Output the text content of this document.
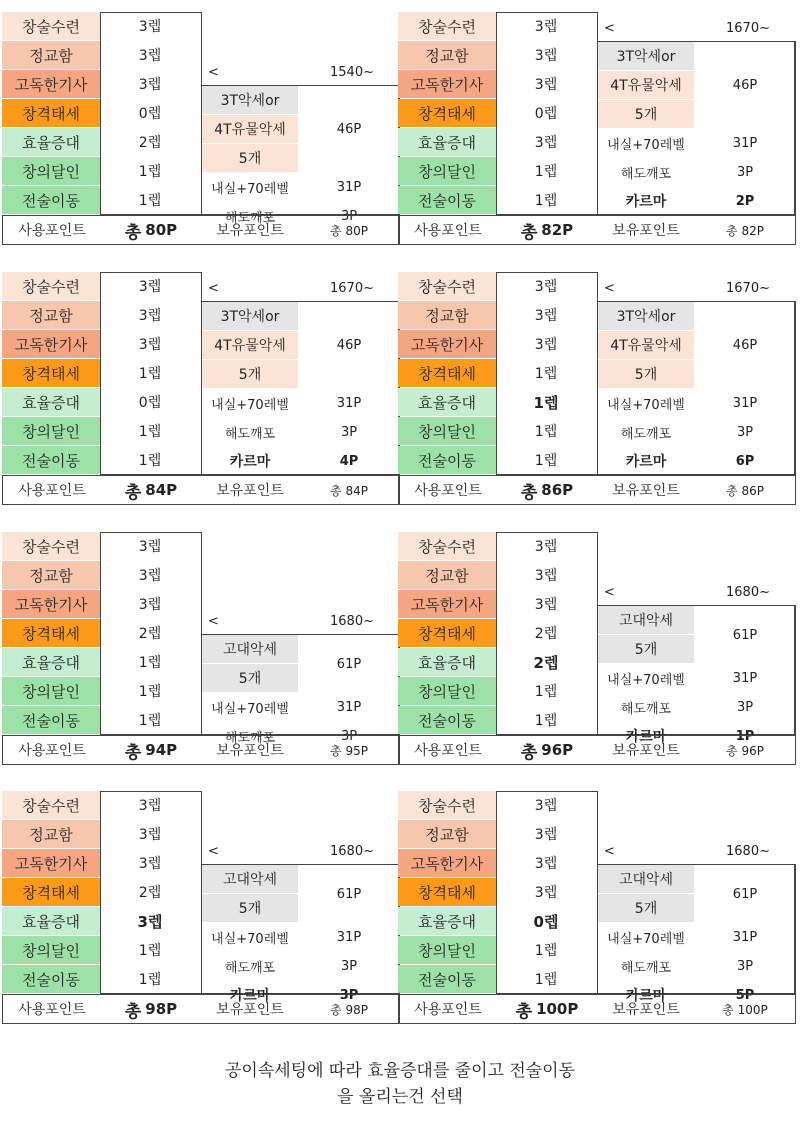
창술수련	3렙
정교함	3렙
고독한기사	3렙
창격태세	0렙
효율증대	2렙
창의달인	1렙
전술이동	1렙
<	1540~
3T악세or
4T유물악세
5개
46P
내실+70레벨	31P
해도깨포	3P
사용포인트	총 80P	보유포인트	총 80P
창술수련	3렙
정교함	3렙
고독한기사	3렙
창격태세	0렙
효율증대	3렙
창의달인	1렙
전술이동	1렙
<	1670~
3T악세or
4T유물악세
5개
46P
내실+70레벨	31P
해도깨포	3P
카르마	2P
사용포인트	총 82P	보유포인트	총 82P
창술수련	3렙
정교함	3렙
고독한기사	3렙
창격태세	1렙
효율증대	0렙
창의달인	1렙
전술이동	1렙
<	1670~
3T악세or
4T유물악세
5개
46P
내실+70레벨	31P
해도깨포	3P
카르마	4P
사용포인트	총 84P	보유포인트	총 84P
창술수련	3렙
정교함	3렙
고독한기사	3렙
창격태세	1렙
효율증대	1렙
창의달인	1렙
전술이동	1렙
<	1670~
3T악세or
4T유물악세
5개
46P
내실+70레벨	31P
해도깨포	3P
카르마	6P
사용포인트	총 86P	보유포인트	총 86P
창술수련	3렙
정교함	3렙
고독한기사	3렙
창격태세	2렙
효율증대	1렙
창의달인	1렙
전술이동	1렙
<	1680~
고대악세
5개
61P
내실+70레벨	31P
해도깨포	3P
사용포인트	총 94P	보유포인트	총 95P
창술수련	3렙
정교함	3렙
고독한기사	3렙
창격태세	2렙
효율증대	2렙
창의달인	1렙
전술이동	1렙
<	1680~
고대악세
5개
61P
내실+70레벨	31P
해도깨포	3P
카르마	1P
사용포인트	총 96P	보유포인트	총 96P
창술수련	3렙
정교함	3렙
고독한기사	3렙
창격태세	2렙
효율증대	3렙
창의달인	1렙
전술이동	1렙
<	1680~
고대악세
5개
61P
내실+70레벨	31P
해도깨포	3P
카르마	3P
사용포인트	총 98P	보유포인트	총 98P
창술수련	3렙
정교함	3렙
고독한기사	3렙
창격태세	3렙
효율증대	0렙
창의달인	1렙
전술이동	1렙
<	1680~
고대악세
5개
61P
내실+70레벨	31P
해도깨포	3P
카르마	5P
사용포인트	총 100P	보유포인트	총 100P
공이속세팅에 따라 효율증대를 줄이고 전술이동
을 올리는건 선택
